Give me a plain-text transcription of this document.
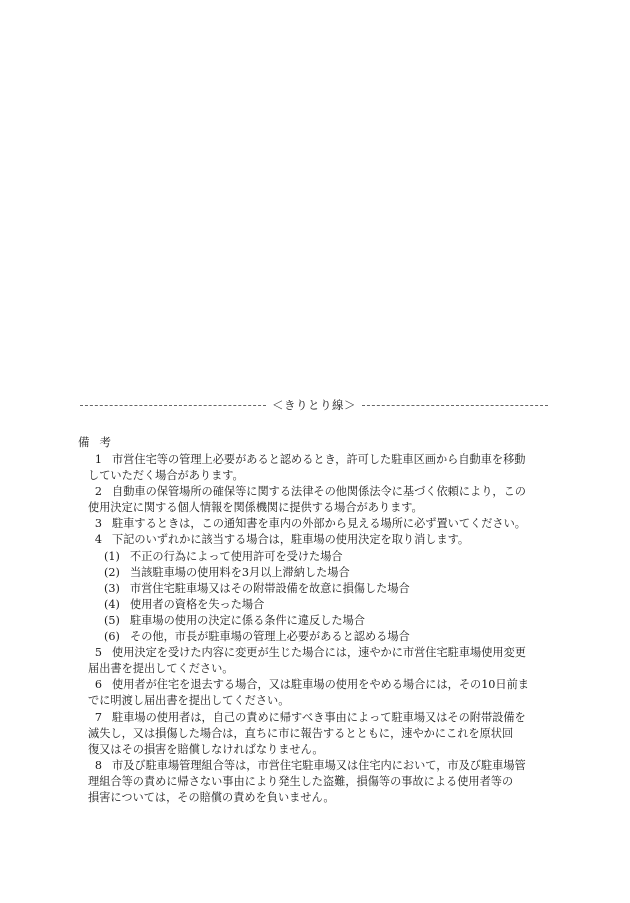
＜きりとり線＞
備考
1 市営住宅等の管理上必要があると認めるとき，許可した駐車区画から自動車を移動
していただく場合があります。
2 自動車の保管場所の確保等に関する法律その他関係法令に基づく依頼により，この
使用決定に関する個人情報を関係機関に提供する場合があります。
3 駐車するときは，この通知書を車内の外部から見える場所に必ず置いてください。
4 下記のいずれかに該当する場合は，駐車場の使用決定を取り消します。
(1) 不正の行為によって使用許可を受けた場合
(2) 当該駐車場の使用料を3月以上滞納した場合
(3) 市営住宅駐車場又はその附帯設備を故意に損傷した場合
(4) 使用者の資格を失った場合
(5) 駐車場の使用の決定に係る条件に違反した場合
(6) その他，市長が駐車場の管理上必要があると認める場合
5 使用決定を受けた内容に変更が生じた場合には，速やかに市営住宅駐車場使用変更
届出書を提出してください。
6 使用者が住宅を退去する場合，又は駐車場の使用をやめる場合には，その10日前ま
でに明渡し届出書を提出してください。
7 駐車場の使用者は，自己の責めに帰すべき事由によって駐車場又はその附帯設備を
滅失し，又は損傷した場合は，直ちに市に報告するとともに，速やかにこれを原状回
復又はその損害を賠償しなければなりません。
8 市及び駐車場管理組合等は，市営住宅駐車場又は住宅内において，市及び駐車場管
理組合等の責めに帰さない事由により発生した盗難，損傷等の事故による使用者等の
損害については，その賠償の責めを負いません。
